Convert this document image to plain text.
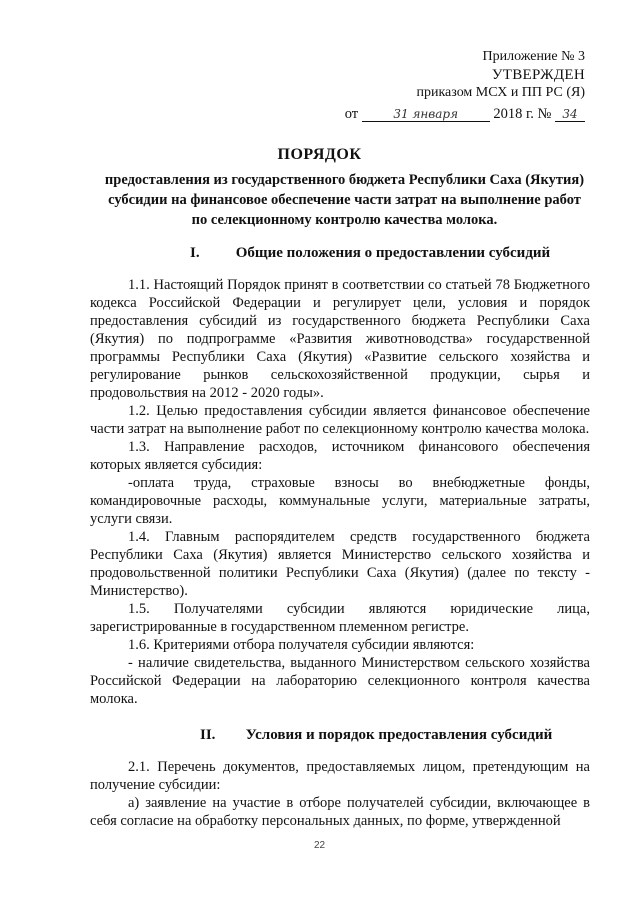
Приложение № 3
УТВЕРЖДЕН
приказом МСХ и ПП РС (Я)
от	31 января 2018 г. № 34
ПОРЯДОК
предоставления из государственного бюджета Республики Саха (Якутия) субсидии на финансовое обеспечение части затрат на выполнение работ по селекционному контролю качества молока.
I. Общие положения о предоставлении субсидий

1.1. Настоящий Порядок принят в соответствии со статьей 78 Бюджетного кодекса Российской Федерации и регулирует цели, условия и порядок предоставления субсидий из государственного бюджета Республики Саха (Якутия) по подпрограмме «Развития животноводства» государственной программы Республики Саха (Якутия) «Развитие сельского хозяйства и регулирование рынков сельскохозяйственной продукции, сырья и продовольствия на 2012 - 2020 годы».

1.2. Целью предоставления субсидии является финансовое обеспечение части затрат на выполнение работ по селекционному контролю качества молока.

1.3. Направление расходов, источником финансового обеспечения которых является субсидия:

-оплата труда, страховые взносы во внебюджетные фонды, командировочные расходы, коммунальные услуги, материальные затраты, услуги связи.

1.4. Главным распорядителем средств государственного бюджета Республики Саха (Якутия) является Министерство сельского хозяйства и продовольственной политики Республики Саха (Якутия) (далее по тексту - Министерство).

1.5. Получателями субсидии являются юридические лица, зарегистрированные в государственном племенном регистре.

1.6. Критериями отбора получателя субсидии являются:

- наличие свидетельства, выданного Министерством сельского хозяйства Российской Федерации на лабораторию селекционного контроля качества молока.

II. Условия и порядок предоставления субсидий

2.1. Перечень документов, предоставляемых лицом, претендующим на получение субсидии:

а) заявление на участие в отборе получателей субсидии, включающее в себя согласие на обработку персональных данных, по форме, утвержденной

22
